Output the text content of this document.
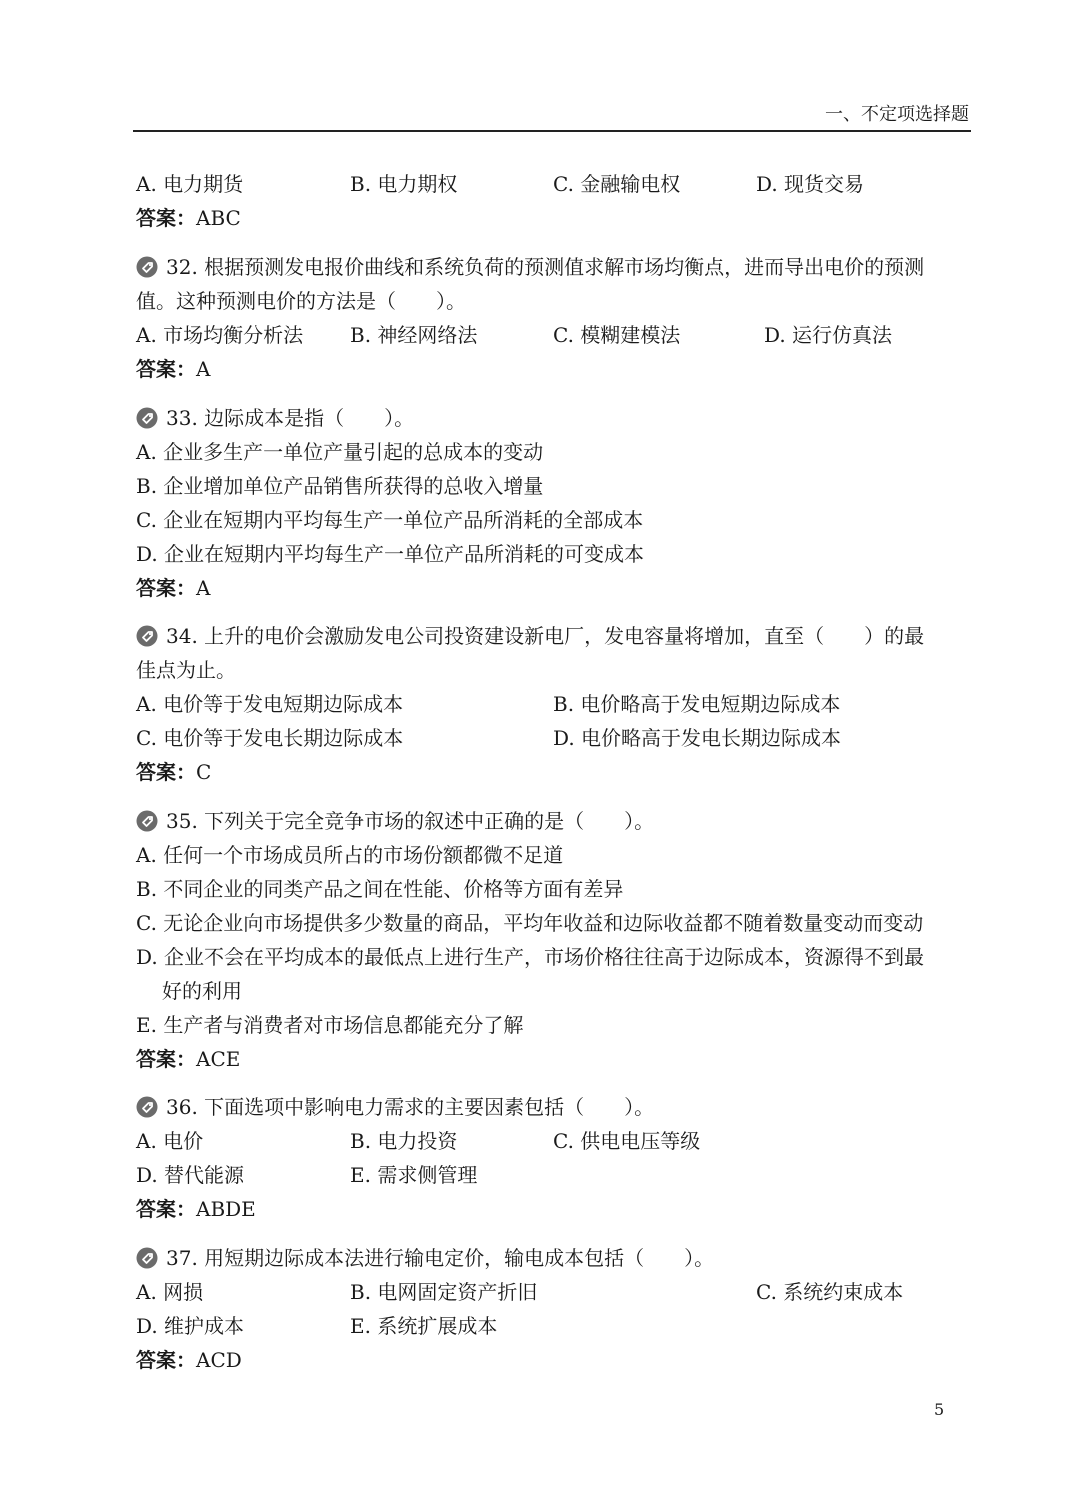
一、不定项选择题
A. 电力期货	B. 电力期权	C. 金融输电权	D. 现货交易
答案：ABC
32. 根据预测发电报价曲线和系统负荷的预测值求解市场均衡点，进而导出电价的预测
值。这种预测电价的方法是（　　）。
A. 市场均衡分析法 B. 神经网络法	C. 模糊建模法	D. 运行仿真法
答案：A
33. 边际成本是指（　　）。
A. 企业多生产一单位产量引起的总成本的变动
B. 企业增加单位产品销售所获得的总收入增量
C. 企业在短期内平均每生产一单位产品所消耗的全部成本
D. 企业在短期内平均每生产一单位产品所消耗的可变成本
答案：A
34. 上升的电价会激励发电公司投资建设新电厂，发电容量将增加，直至（　　）的最
佳点为止。
A. 电价等于发电短期边际成本	B. 电价略高于发电短期边际成本
C. 电价等于发电长期边际成本	D. 电价略高于发电长期边际成本
答案：C
35. 下列关于完全竞争市场的叙述中正确的是（　　）。
A. 任何一个市场成员所占的市场份额都微不足道
B. 不同企业的同类产品之间在性能、价格等方面有差异
C. 无论企业向市场提供多少数量的商品，平均年收益和边际收益都不随着数量变动而变动
D. 企业不会在平均成本的最低点上进行生产，市场价格往往高于边际成本，资源得不到最
好的利用
E. 生产者与消费者对市场信息都能充分了解
答案：ACE
36. 下面选项中影响电力需求的主要因素包括（　　）。
A. 电价	B. 电力投资	C. 供电电压等级
D. 替代能源	E. 需求侧管理
答案：ABDE
37. 用短期边际成本法进行输电定价，输电成本包括（　　）。
A. 网损	B. 电网固定资产折旧	C. 系统约束成本
D. 维护成本	E. 系统扩展成本
答案：ACD
5
